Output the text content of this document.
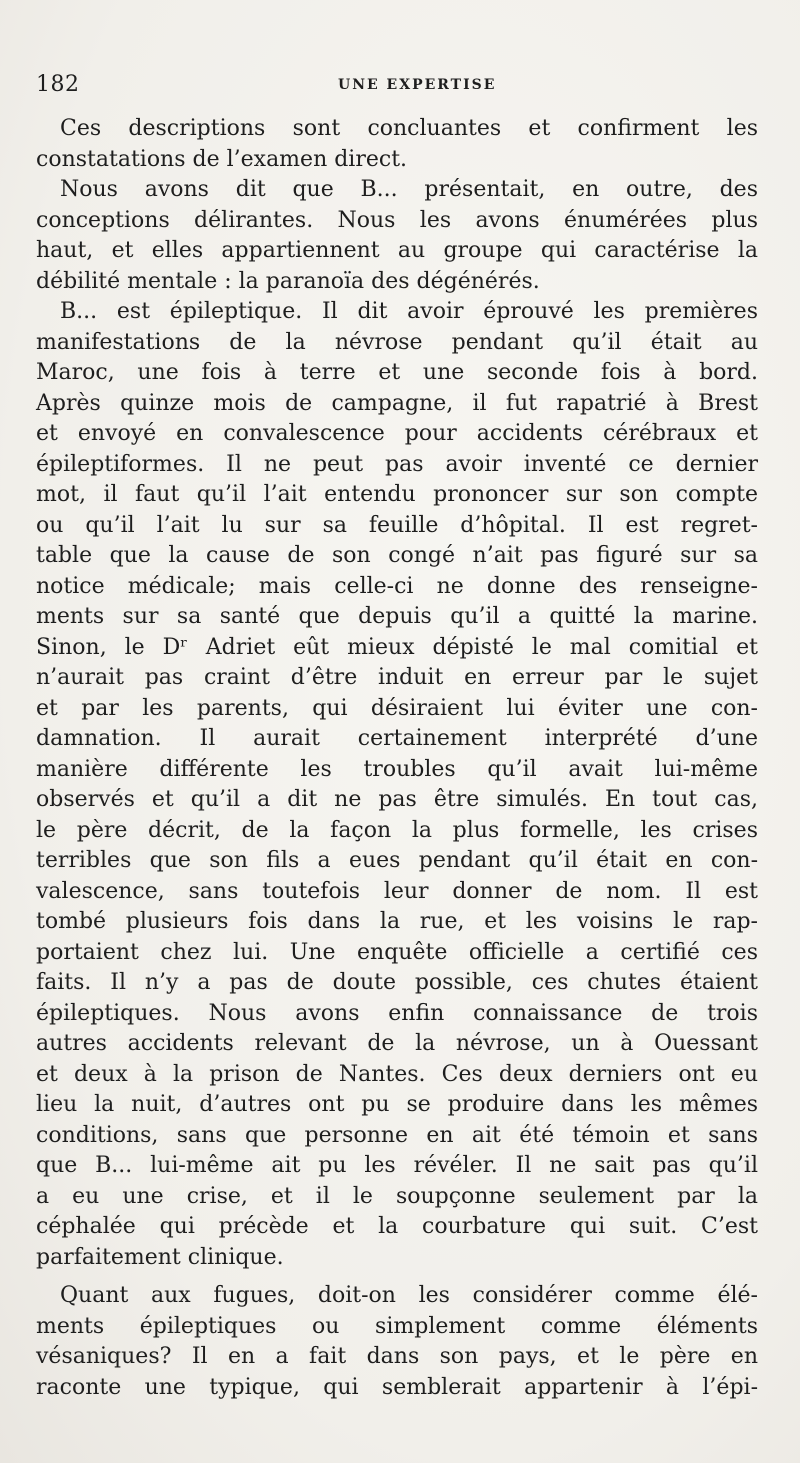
182	UNE EXPERTISE
Ces descriptions sont concluantes et confirment les
constatations de l’examen direct.
Nous avons dit que B... présentait, en outre, des
conceptions délirantes. Nous les avons énumérées plus
haut, et elles appartiennent au groupe qui caractérise la
débilité mentale : la paranoïa des dégénérés.
B... est épileptique. Il dit avoir éprouvé les premières
manifestations de la névrose pendant qu’il était au
Maroc, une fois à terre et une seconde fois à bord.
Après quinze mois de campagne, il fut rapatrié à Brest
et envoyé en convalescence pour accidents cérébraux et
épileptiformes. Il ne peut pas avoir inventé ce dernier
mot, il faut qu’il l’ait entendu prononcer sur son compte
ou qu’il l’ait lu sur sa feuille d’hôpital. Il est regret-
table que la cause de son congé n’ait pas figuré sur sa
notice médicale; mais celle-ci ne donne des renseigne-
ments sur sa santé que depuis qu’il a quitté la marine.
Sinon, le Dʳ Adriet eût mieux dépisté le mal comitial et
n’aurait pas craint d’être induit en erreur par le sujet
et par les parents, qui désiraient lui éviter une con-
damnation. Il aurait certainement interprété d’une
manière différente les troubles qu’il avait lui-même
observés et qu’il a dit ne pas être simulés. En tout cas,
le père décrit, de la façon la plus formelle, les crises
terribles que son fils a eues pendant qu’il était en con-
valescence, sans toutefois leur donner de nom. Il est
tombé plusieurs fois dans la rue, et les voisins le rap-
portaient chez lui. Une enquête officielle a certifié ces
faits. Il n’y a pas de doute possible, ces chutes étaient
épileptiques. Nous avons enfin connaissance de trois
autres accidents relevant de la névrose, un à Ouessant
et deux à la prison de Nantes. Ces deux derniers ont eu
lieu la nuit, d’autres ont pu se produire dans les mêmes
conditions, sans que personne en ait été témoin et sans
que B... lui-même ait pu les révéler. Il ne sait pas qu’il
a eu une crise, et il le soupçonne seulement par la
céphalée qui précède et la courbature qui suit. C’est
parfaitement clinique.
Quant aux fugues, doit-on les considérer comme élé-
ments épileptiques ou simplement comme éléments
vésaniques? Il en a fait dans son pays, et le père en
raconte une typique, qui semblerait appartenir à l’épi-
